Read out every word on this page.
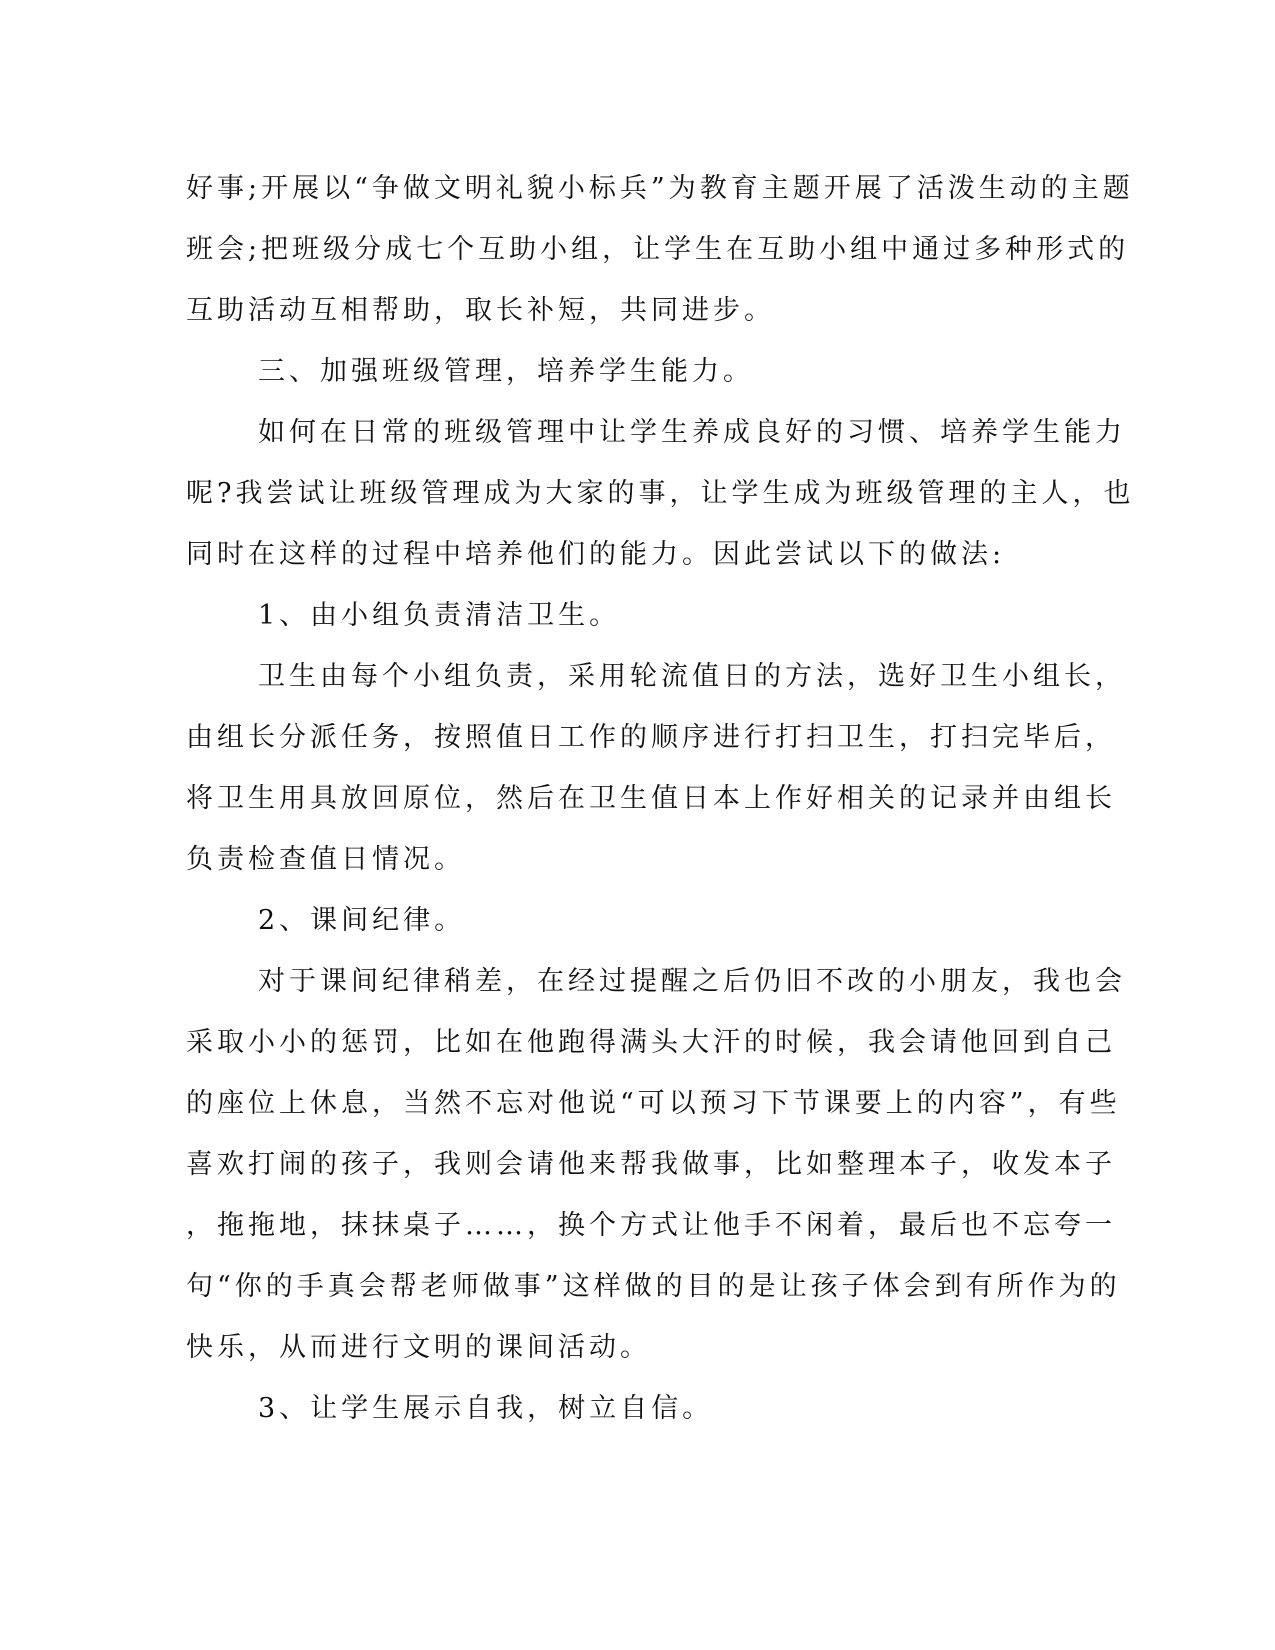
好事;开展以“争做文明礼貌小标兵”为教育主题开展了活泼生动的主题
班会;把班级分成七个互助小组，让学生在互助小组中通过多种形式的
互助活动互相帮助，取长补短，共同进步。
三、加强班级管理，培养学生能力。
如何在日常的班级管理中让学生养成良好的习惯、培养学生能力
呢?我尝试让班级管理成为大家的事，让学生成为班级管理的主人，也
同时在这样的过程中培养他们的能力。因此尝试以下的做法:
1、由小组负责清洁卫生。
卫生由每个小组负责，采用轮流值日的方法，选好卫生小组长，
由组长分派任务，按照值日工作的顺序进行打扫卫生，打扫完毕后，
将卫生用具放回原位，然后在卫生值日本上作好相关的记录并由组长
负责检查值日情况。
2、课间纪律。
对于课间纪律稍差，在经过提醒之后仍旧不改的小朋友，我也会
采取小小的惩罚，比如在他跑得满头大汗的时候，我会请他回到自己
的座位上休息，当然不忘对他说“可以预习下节课要上的内容”，有些
喜欢打闹的孩子，我则会请他来帮我做事，比如整理本子，收发本子
，拖拖地，抹抹桌子……，换个方式让他手不闲着，最后也不忘夸一
句“你的手真会帮老师做事”这样做的目的是让孩子体会到有所作为的
快乐，从而进行文明的课间活动。
3、让学生展示自我，树立自信。
